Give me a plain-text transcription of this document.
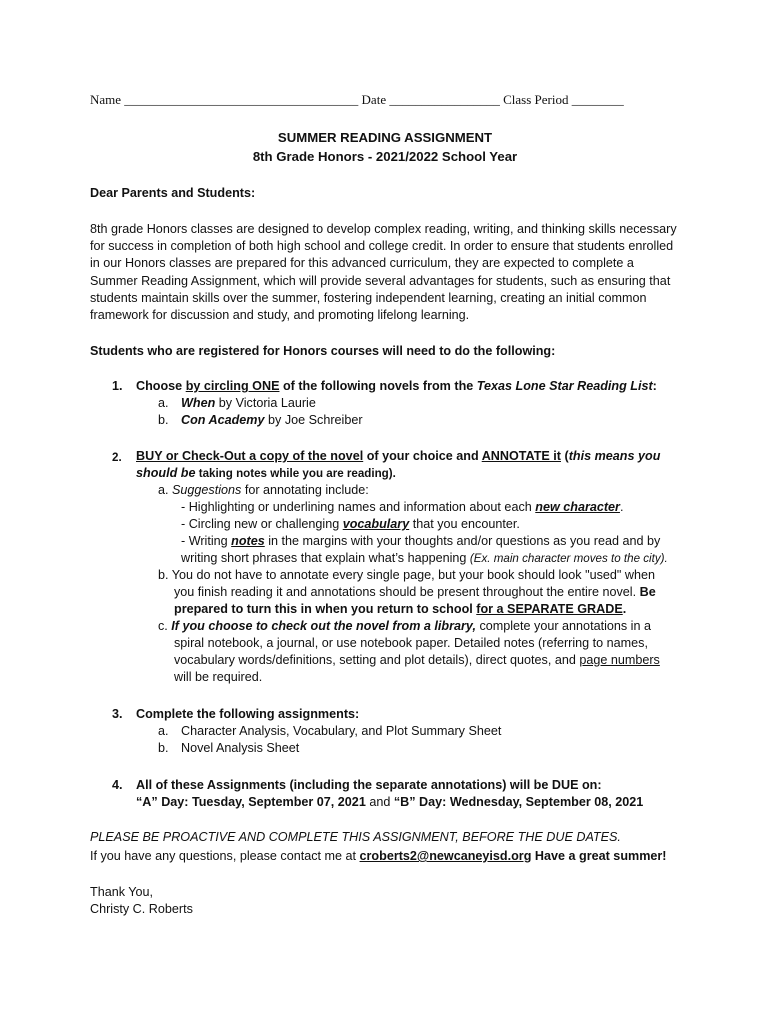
Name ____________________________________ Date _________________ Class Period ________
SUMMER READING ASSIGNMENT
8th Grade Honors - 2021/2022 School Year
Dear Parents and Students:
8th grade Honors classes are designed to develop complex reading, writing, and thinking skills necessary
for success in completion of both high school and college credit. In order to ensure that students enrolled
in our Honors classes are prepared for this advanced curriculum, they are expected to complete a
Summer Reading Assignment, which will provide several advantages for students, such as ensuring that
students maintain skills over the summer, fostering independent learning, creating an initial common
framework for discussion and study, and promoting lifelong learning.
Students who are registered for Honors courses will need to do the following:
1. Choose by circling ONE of the following novels from the Texas Lone Star Reading List:
a. When by Victoria Laurie
b. Con Academy by Joe Schreiber
2. BUY or Check-Out a copy of the novel of your choice and ANNOTATE it (this means you
should be taking notes while you are reading).
a. Suggestions for annotating include:
- Highlighting or underlining names and information about each new character.
- Circling new or challenging vocabulary that you encounter.
- Writing notes in the margins with your thoughts and/or questions as you read and by
writing short phrases that explain what’s happening (Ex. main character moves to the city).
b. You do not have to annotate every single page, but your book should look "used" when
you finish reading it and annotations should be present throughout the entire novel. Be
prepared to turn this in when you return to school for a SEPARATE GRADE.
c. If you choose to check out the novel from a library, complete your annotations in a
spiral notebook, a journal, or use notebook paper. Detailed notes (referring to names,
vocabulary words/definitions, setting and plot details), direct quotes, and page numbers
will be required.
3. Complete the following assignments:
a. Character Analysis, Vocabulary, and Plot Summary Sheet
b. Novel Analysis Sheet
4. All of these Assignments (including the separate annotations) will be DUE on:
“A” Day: Tuesday, September 07, 2021 and “B” Day: Wednesday, September 08, 2021
PLEASE BE PROACTIVE AND COMPLETE THIS ASSIGNMENT, BEFORE THE DUE DATES.
If you have any questions, please contact me at croberts2@newcaneyisd.org Have a great summer!
Thank You,
Christy C. Roberts
